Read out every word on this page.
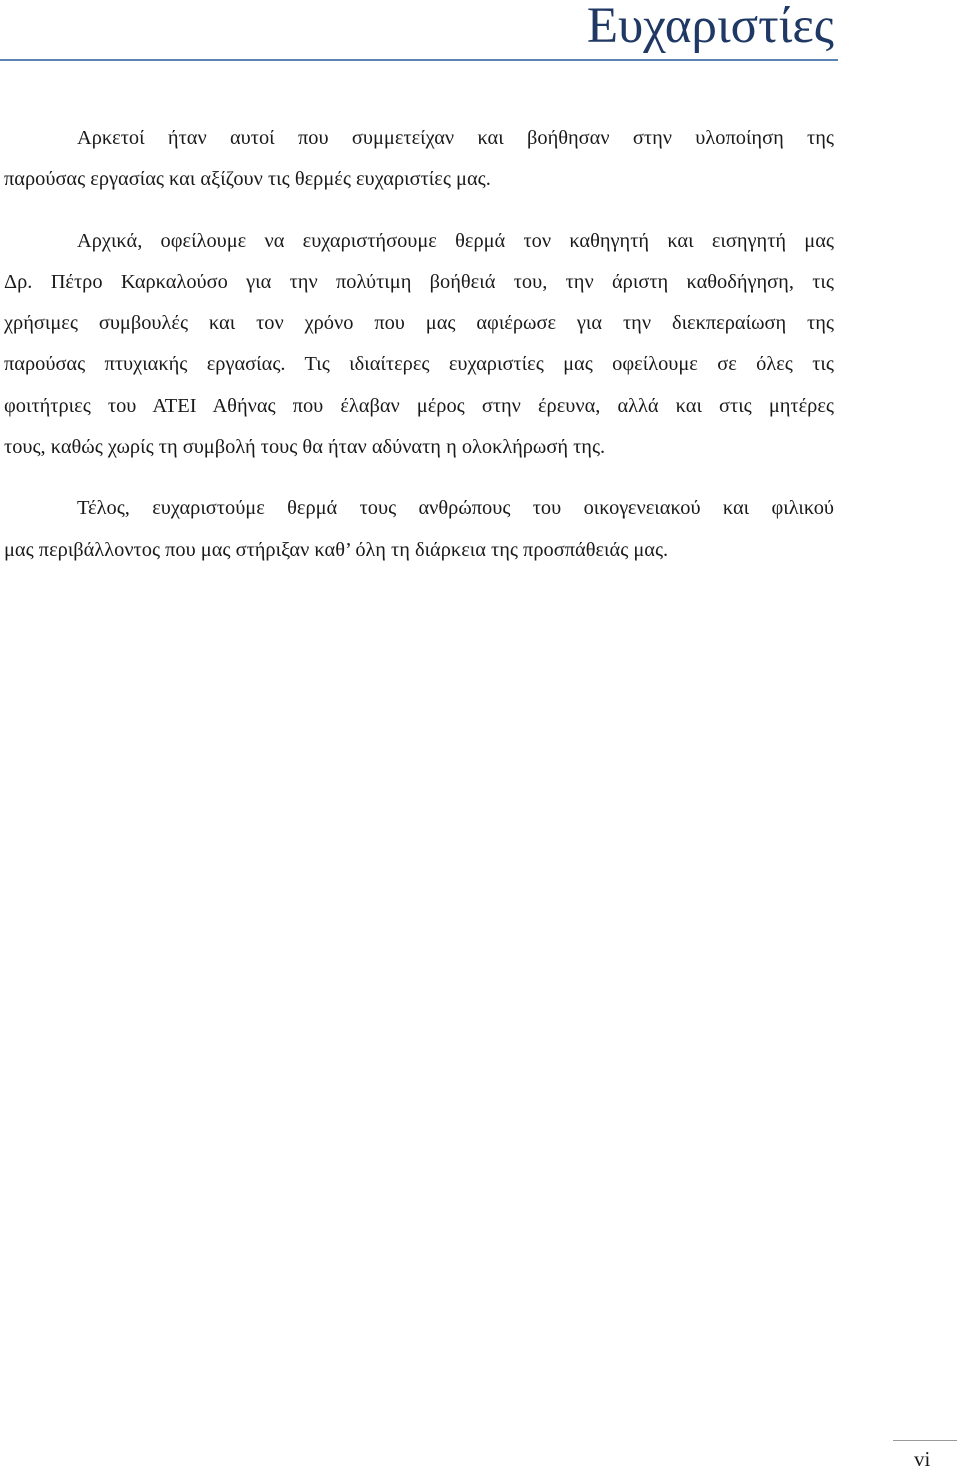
Ευχαριστίες
Αρκετοί ήταν αυτοί που συμμετείχαν και βοήθησαν στην υλοποίηση της
παρούσας εργασίας και αξίζουν τις θερμές ευχαριστίες μας.
Αρχικά, οφείλουμε να ευχαριστήσουμε θερμά τον καθηγητή και εισηγητή μας
Δρ. Πέτρο Καρκαλούσο για την πολύτιμη βοήθειά του, την άριστη καθοδήγηση, τις
χρήσιμες συμβουλές και τον χρόνο που μας αφιέρωσε για την διεκπεραίωση της
παρούσας πτυχιακής εργασίας. Τις ιδιαίτερες ευχαριστίες μας οφείλουμε σε όλες τις
φοιτήτριες του ΑΤΕΙ Αθήνας που έλαβαν μέρος στην έρευνα, αλλά και στις μητέρες
τους, καθώς χωρίς τη συμβολή τους θα ήταν αδύνατη η ολοκλήρωσή της.
Τέλος, ευχαριστούμε θερμά τους ανθρώπους του οικογενειακού και φιλικού
μας περιβάλλοντος που μας στήριξαν καθ’ όλη τη διάρκεια της προσπάθειάς μας.
vi
